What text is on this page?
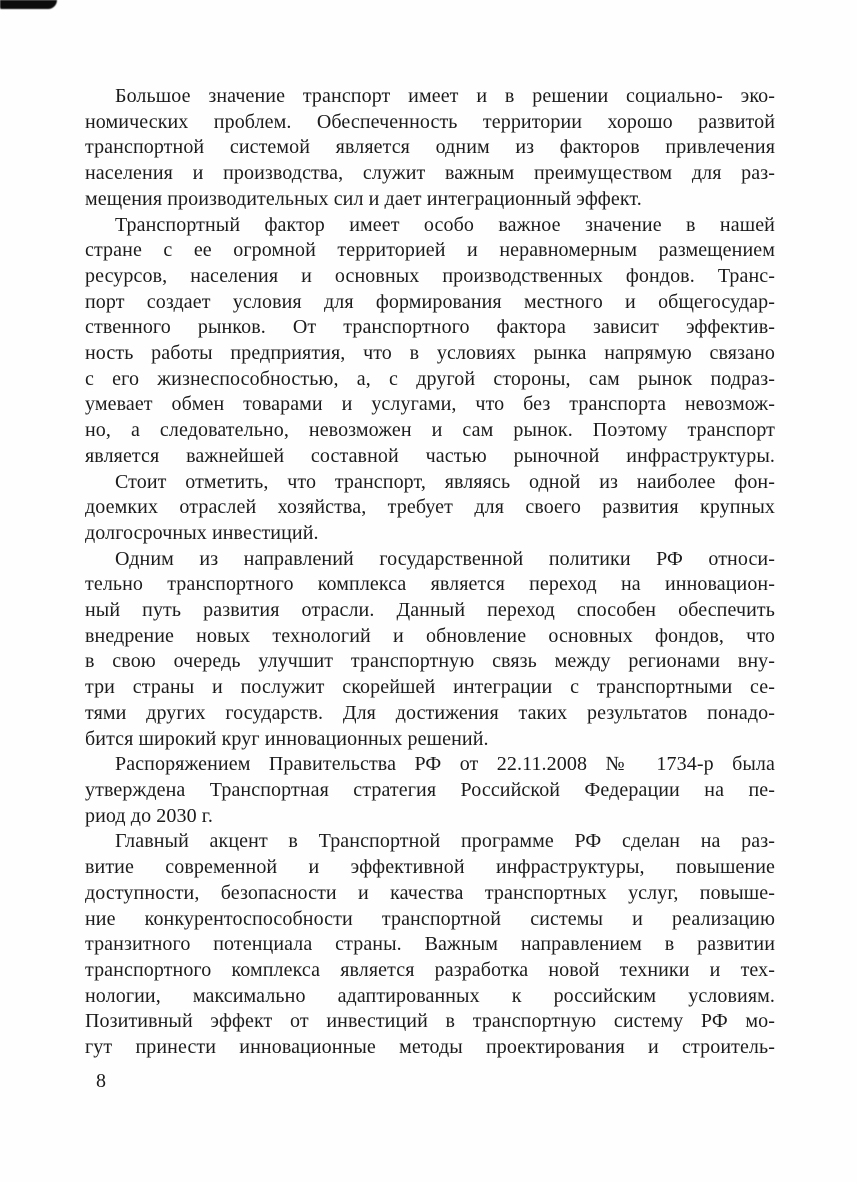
Большое значение транспорт имеет и в решении социально- эко-
номических проблем. Обеспеченность территории хорошо развитой
транспортной системой является одним из факторов привлечения
населения и производства, служит важным преимуществом для раз-
мещения производительных сил и дает интеграционный эффект.
Транспортный фактор имеет особо важное значение в нашей
стране с ее огромной территорией и неравномерным размещением
ресурсов, населения и основных производственных фондов. Транс-
порт создает условия для формирования местного и общегосудар-
ственного рынков. От транспортного фактора зависит эффектив-
ность работы предприятия, что в условиях рынка напрямую связано
с его жизнеспособностью, а, с другой стороны, сам рынок подраз-
умевает обмен товарами и услугами, что без транспорта невозмож-
но, а следовательно, невозможен и сам рынок. Поэтому транспорт
является важнейшей составной частью рыночной инфраструктуры.
Стоит отметить, что транспорт, являясь одной из наиболее фон-
доемких отраслей хозяйства, требует для своего развития крупных
долгосрочных инвестиций.
Одним из направлений государственной политики РФ относи-
тельно транспортного комплекса является переход на инновацион-
ный путь развития отрасли. Данный переход способен обеспечить
внедрение новых технологий и обновление основных фондов, что
в свою очередь улучшит транспортную связь между регионами вну-
три страны и послужит скорейшей интеграции с транспортными се-
тями других государств. Для достижения таких результатов понадо-
бится широкий круг инновационных решений.
Распоряжением Правительства РФ от 22.11.2008 № 1734-р была
утверждена Транспортная стратегия Российской Федерации на пе-
риод до 2030 г.
Главный акцент в Транспортной программе РФ сделан на раз-
витие современной и эффективной инфраструктуры, повышение
доступности, безопасности и качества транспортных услуг, повыше-
ние конкурентоспособности транспортной системы и реализацию
транзитного потенциала страны. Важным направлением в развитии
транспортного комплекса является разработка новой техники и тех-
нологии, максимально адаптированных к российским условиям.
Позитивный эффект от инвестиций в транспортную систему РФ мо-
гут принести инновационные методы проектирования и строитель-
8
